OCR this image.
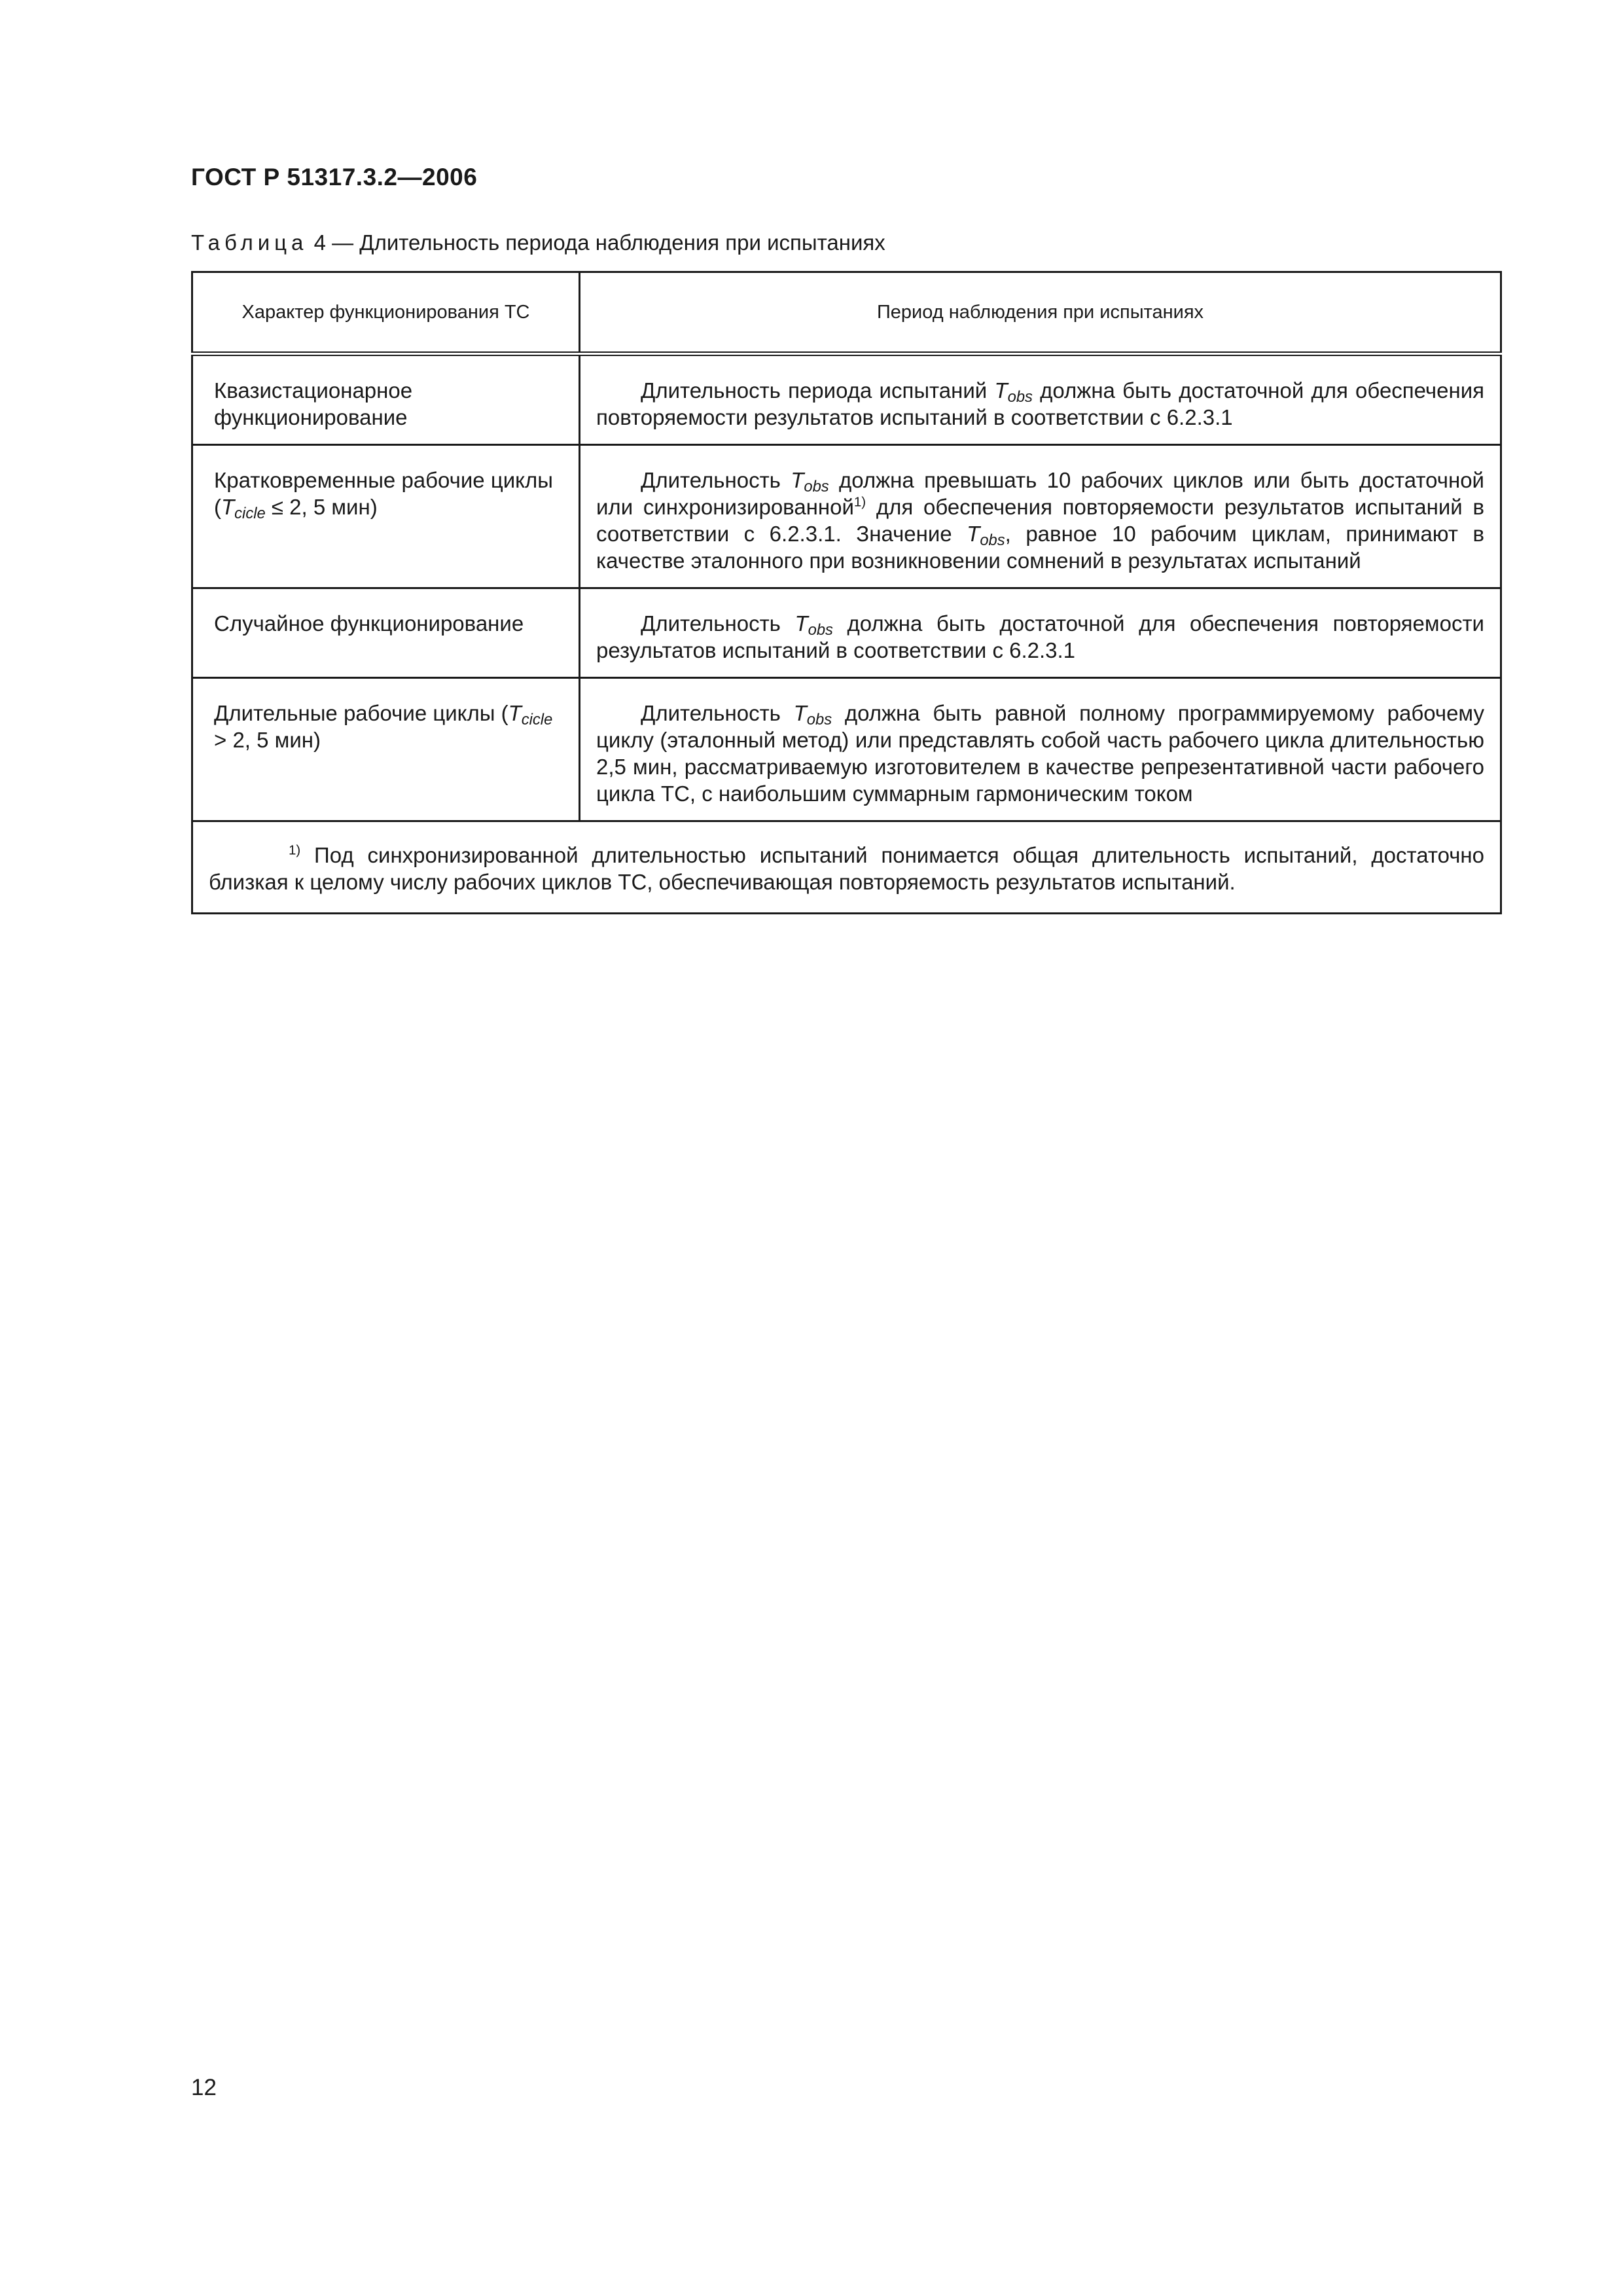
ГОСТ Р 51317.3.2—2006
Таблица 4 — Длительность периода наблюдения при испытаниях
Характер функционирования ТС	Период наблюдения при испытаниях
Квазистационарное функционирование	Длительность периода испытаний $T_{obs}$ должна быть достаточной для обеспечения повторяемости результатов испытаний в соответствии с 6.2.3.1
Кратковременные рабочие циклы ($T_{cicle} \le 2$, 5 мин)	Длительность $T_{obs}$ должна превышать 10 рабочих циклов или быть достаточной или синхронизированной$^{1)}$ для обеспечения повторяемости результатов испытаний в соответствии с 6.2.3.1. Значение $T_{obs}$, равное 10 рабочим циклам, принимают в качестве эталонного при возникновении сомнений в результатах испытаний
Случайное функционирование	Длительность $T_{obs}$ должна быть достаточной для обеспечения повторяемости результатов испытаний в соответствии с 6.2.3.1
Длительные рабочие циклы ($T_{cicle} > 2$, 5 мин)	Длительность $T_{obs}$ должна быть равной полному программируемому рабочему циклу (эталонный метод) или представлять собой часть рабочего цикла длительностью 2,5 мин, рассматриваемую изготовителем в качестве репрезентативной части рабочего цикла ТС, с наибольшим суммарным гармоническим током
$^{1)}$ Под синхронизированной длительностью испытаний понимается общая длительность испытаний, достаточно близкая к целому числу рабочих циклов ТС, обеспечивающая повторяемость результатов испытаний.	
12
